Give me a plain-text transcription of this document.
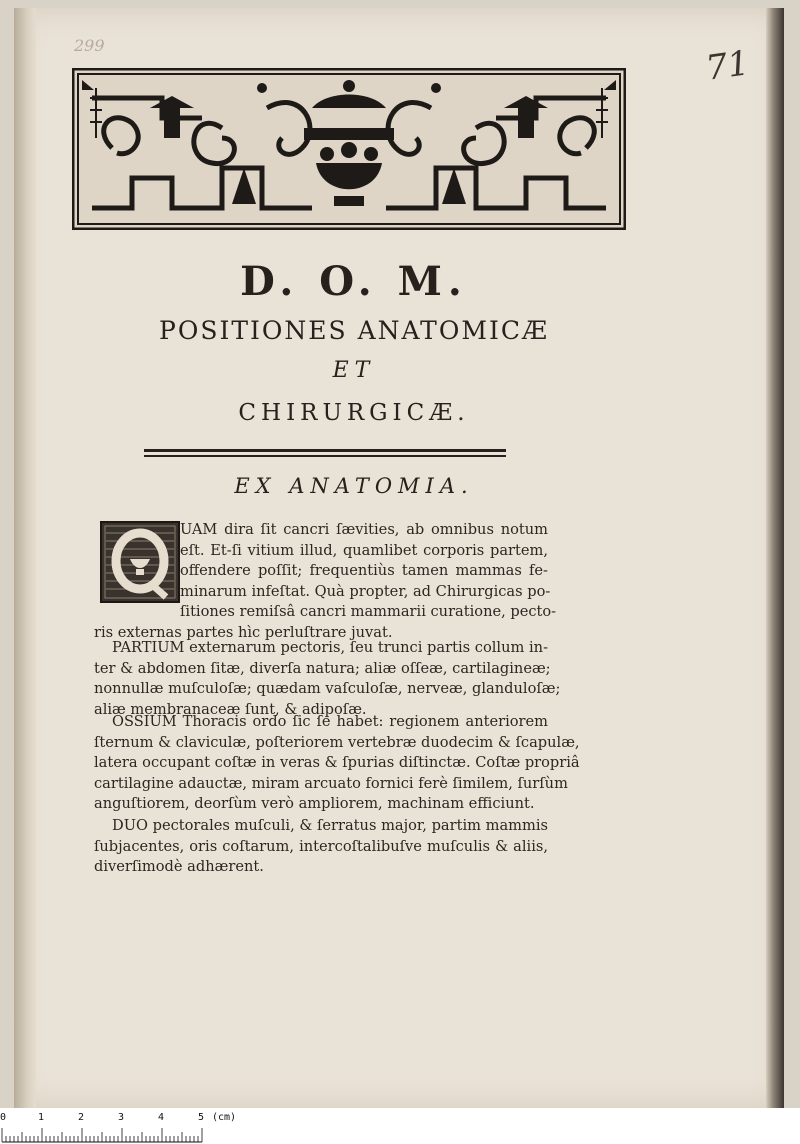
299	71
D. O. M.
POSITIONES ANATOMICÆ
ET
CHIRURGICÆ.
EX ANATOMIA.
UAM dira ſit cancri ſævities, ab omnibus notum
eſt. Et-ſi vitium illud, quamlibet corporis partem,
offendere poſſit; frequentiùs tamen mammas fe-
minarum infeſtat. Quà propter, ad Chirurgicas po-
ſitiones remiſsâ cancri mammarii curatione, pecto-
ris externas partes hìc perluſtrare juvat.
PARTIUM externarum pectoris, ſeu trunci partis collum in-
ter & abdomen ſitæ, diverſa natura; aliæ oſſeæ, cartilagineæ;
nonnullæ muſculoſæ; quædam vaſculoſæ, nerveæ, glanduloſæ;
aliæ membranaceæ ſunt, & adipoſæ.
OSSIUM Thoracis ordo ſic ſe habet: regionem anteriorem
ſternum & claviculæ, poſteriorem vertebræ duodecim & ſcapulæ,
latera occupant coſtæ in veras & ſpurias diſtinctæ. Coſtæ propriâ
cartilagine adauctæ, miram arcuato fornici ferè ſimilem, ſurſùm
anguſtiorem, deorſùm verò ampliorem, machinam efficiunt.
DUO pectorales muſculi, & ſerratus major, partim mammis
ſubjacentes, oris coſtarum, intercoſtalibuſve muſculis & aliis,
diverſimodè adhærent.
0	1	2	3	4	5 (cm)
